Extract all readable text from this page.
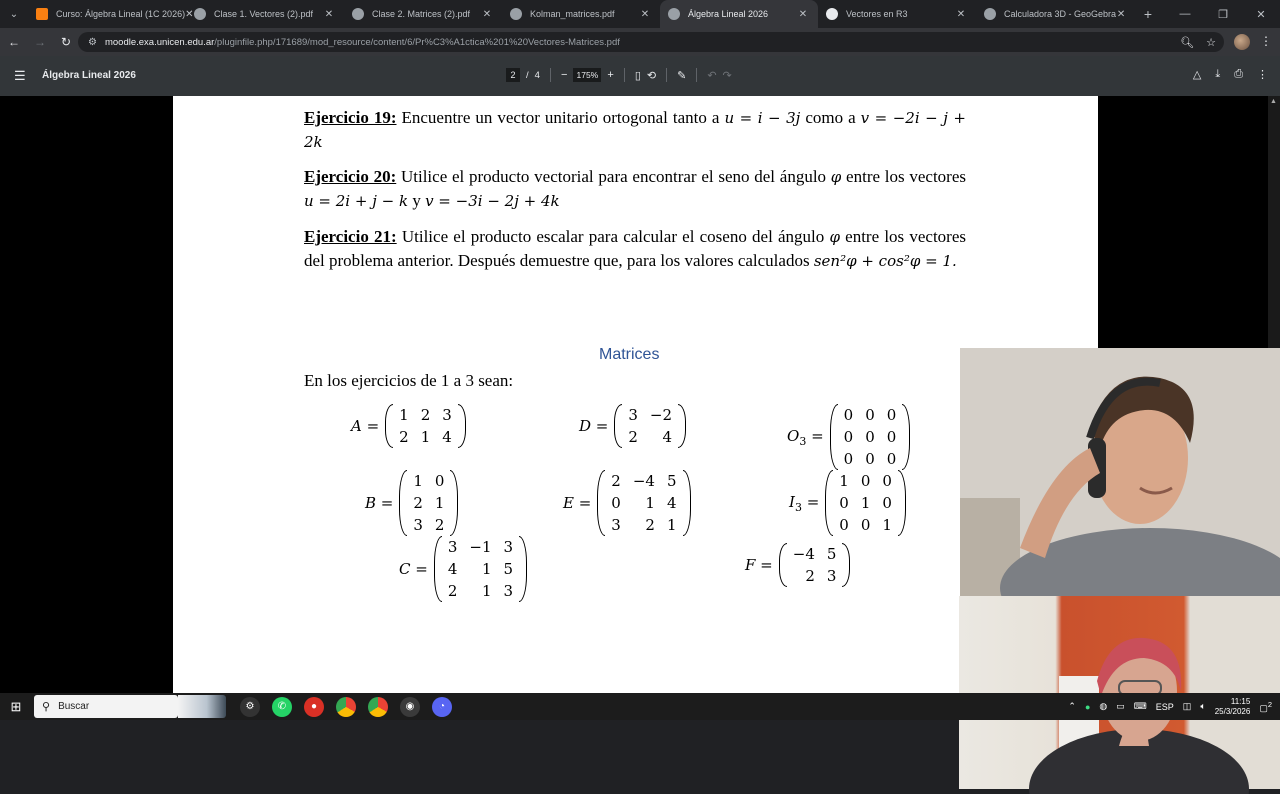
⌄	Curso: Álgebra Lineal (1C 2026) ✕ Clase 1. Vectores (2).pdf	✕	Clase 2. Matrices (2).pdf	✕	Kolman_matrices.pdf	✕	Álgebra Lineal 2026	✕	Vectores en R3	✕	Calculadora 3D - GeoGebra ✕	+	—	❐	✕
←	→	↻	⚙ moodle.exa.unicen.edu.ar /pluginfile.php/171689/mod_resource/content/6/Pr%C3%A1ctica%201%20Vectores-Matrices.pdf	🔍︎ ☆	⋮
☰ Álgebra Lineal 2026	2	/ 4 −	175% + ▯ ⟲ ✎ ↶ ↷	△ ⤓ ⎙ ⋮
▲
Ejercicio 19: Encuentre un vector unitario ortogonal tanto a u = i − 3j como a v = −2i − j + 2k
Ejercicio 20: Utilice el producto vectorial para encontrar el seno del ángulo φ entre los vectores u = 2i + j − k y v = −3i − 2j + 4k
Ejercicio 21: Utilice el producto escalar para calcular el coseno del ángulo φ entre los vectores del problema anterior. Después demuestre que, para los valores calculados sen²φ + cos²φ = 1.
Matrices
En los ejercicios de 1 a 3 sean:
A =
1	2	3
2	1	4
D =
3	−2
2	4	$O_3$ =
0	0	0
0	0	0
0	0	0
B =
1	0
2	1
3	2
E =
2	−4	5
0	1	4
3	2	1
$I_3$ =
1	0	0
0	1	0
0	0	1
C =
3	−1	3
4	1	5
2	1	3
F =
−4	5
2	3
⊞	⚲ Buscar	⚙	✆	●	◉	◔	⌃ ● ◍ ▭ ⌨ ESP ◫ 🔈︎	11:15
25/3/2026 ▢$^2$
